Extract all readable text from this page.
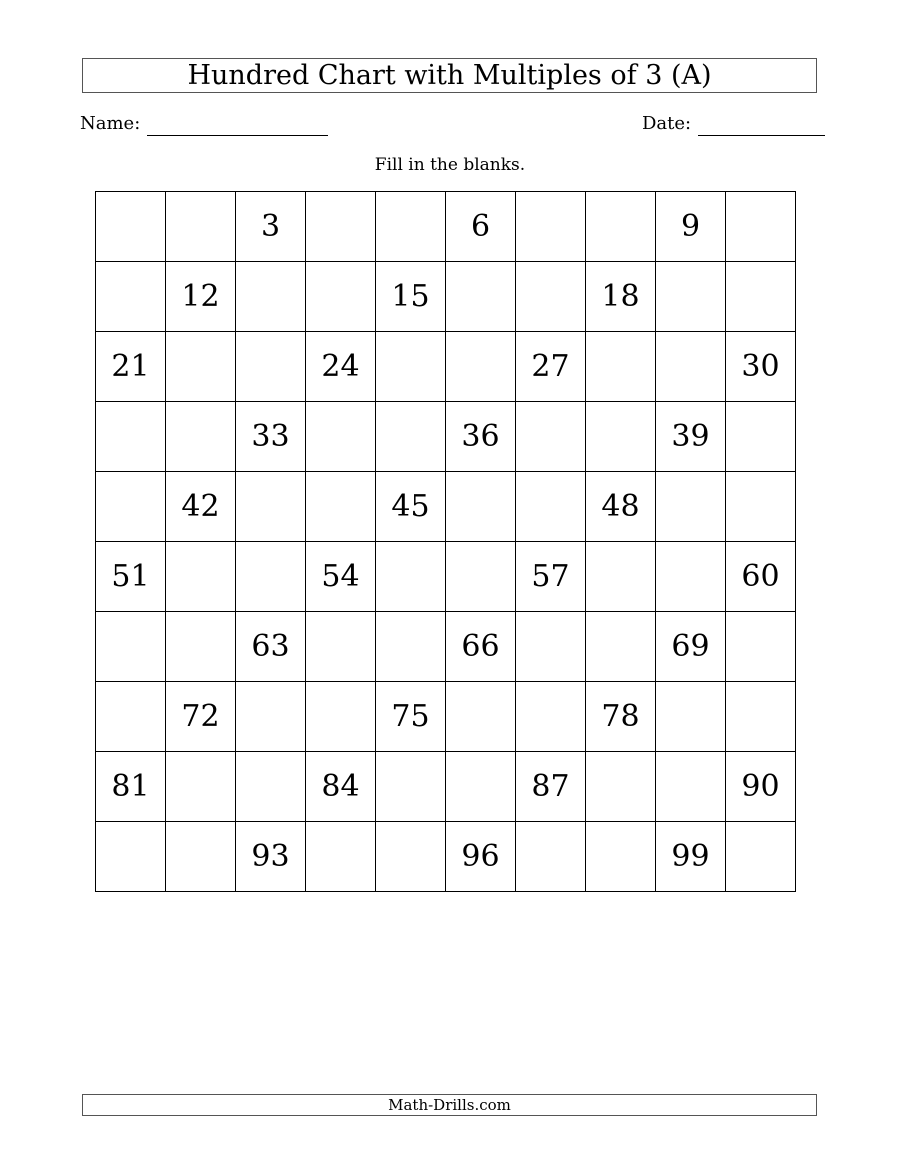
Hundred Chart with Multiples of 3 (A)
Name:	Date:
Fill in the blanks.
		3			6			9	
	12			15			18		
21			24			27			30
		33			36			39	
	42			45			48		
51			54			57			60
		63			66			69	
	72			75			78		
81			84			87			90
		93			96			99	
Math-Drills.com
